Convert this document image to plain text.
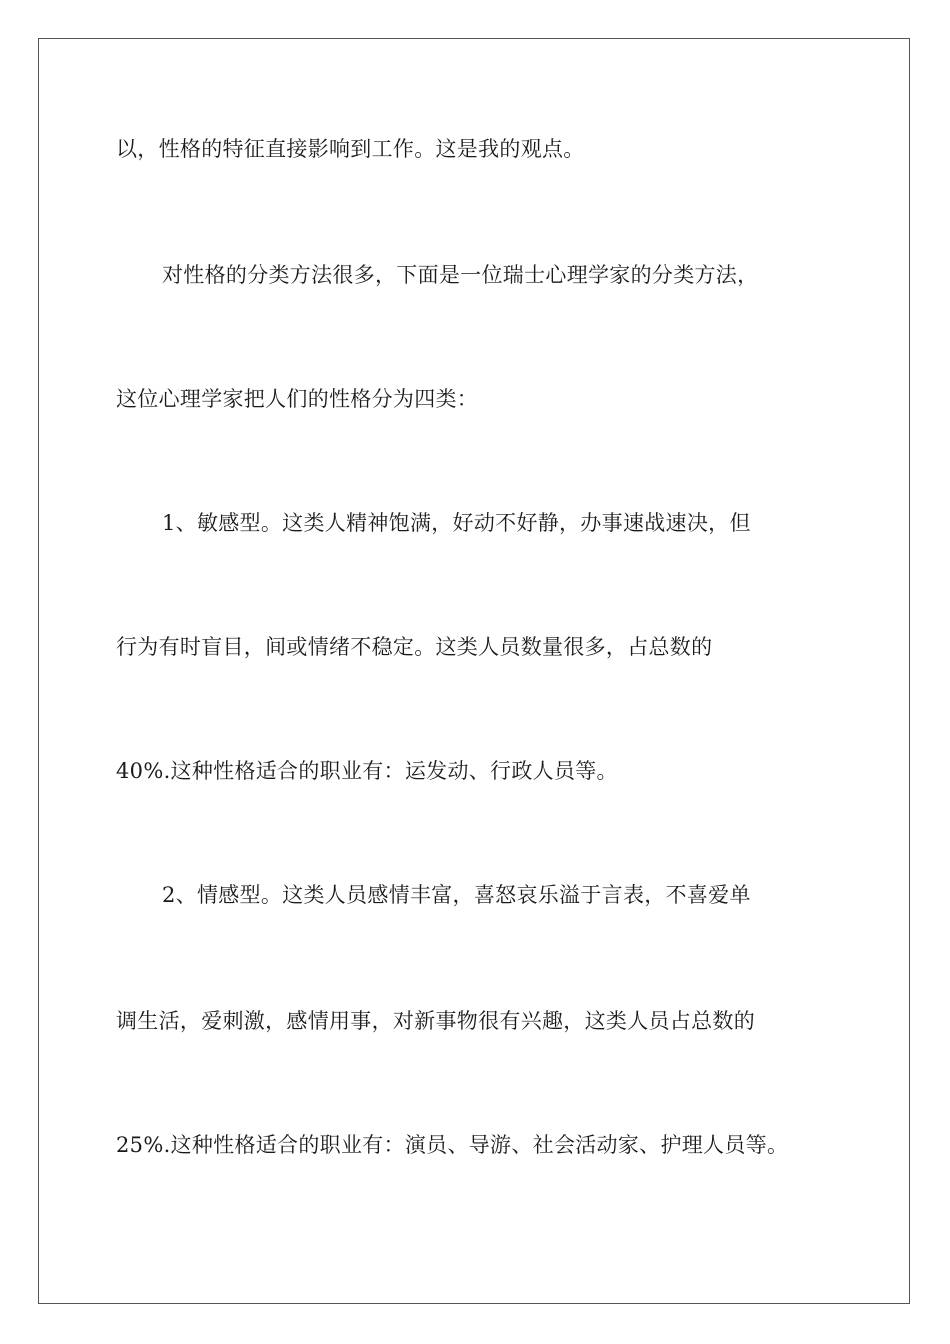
以，性格的特征直接影响到工作。这是我的观点。

对性格的分类方法很多，下面是一位瑞士心理学家的分类方法，

这位心理学家把人们的性格分为四类：

1、敏感型。这类人精神饱满，好动不好静，办事速战速决，但

行为有时盲目，间或情绪不稳定。这类人员数量很多，占总数的

40%.这种性格适合的职业有：运发动、行政人员等。

2、情感型。这类人员感情丰富，喜怒哀乐溢于言表，不喜爱单

调生活，爱刺激，感情用事，对新事物很有兴趣，这类人员占总数的

25%.这种性格适合的职业有：演员、导游、社会活动家、护理人员等。
